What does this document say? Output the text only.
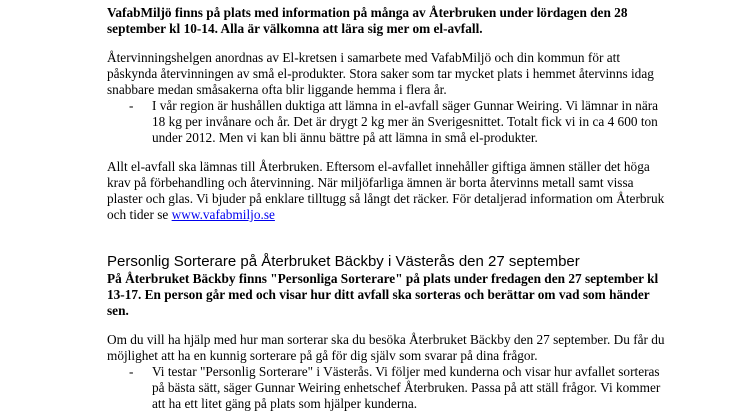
VafabMiljö finns på plats med information på många av Återbruken under lördagen den 28 september kl 10-14. Alla är välkomna att lära sig mer om el-avfall.

Återvinningshelgen anordnas av El-kretsen i samarbete med VafabMiljö och din kommun för att påskynda återvinningen av små el-produkter. Stora saker som tar mycket plats i hemmet återvinns idag snabbare medan småsakerna ofta blir liggande hemma i flera år.

- I vår region är hushållen duktiga att lämna in el-avfall säger Gunnar Weiring. Vi lämnar in nära 18 kg per invånare och år. Det är drygt 2 kg mer än Sverigesnittet. Totalt fick vi in ca 4 600 ton under 2012. Men vi kan bli ännu bättre på att lämna in små el-produkter.

Allt el-avfall ska lämnas till Återbruken. Eftersom el-avfallet innehåller giftiga ämnen ställer det höga krav på förbehandling och återvinning. När miljöfarliga ämnen är borta återvinns metall samt vissa plaster och glas. Vi bjuder på enklare tilltugg så långt det räcker. För detaljerad information om Återbruk och tider se www.vafabmiljo.se

Personlig Sorterare på Återbruket Bäckby i Västerås den 27 september

På Återbruket Bäckby finns "Personliga Sorterare" på plats under fredagen den 27 september kl 13-17. En person går med och visar hur ditt avfall ska sorteras och berättar om vad som händer sen.

Om du vill ha hjälp med hur man sorterar ska du besöka Återbruket Bäckby den 27 september. Du får du möjlighet att ha en kunnig sorterare på gå för dig själv som svarar på dina frågor.

- Vi testar "Personlig Sorterare" i Västerås. Vi följer med kunderna och visar hur avfallet sorteras på bästa sätt, säger Gunnar Weiring enhetschef Återbruken. Passa på att ställ frågor. Vi kommer att ha ett litet gäng på plats som hjälper kunderna.
